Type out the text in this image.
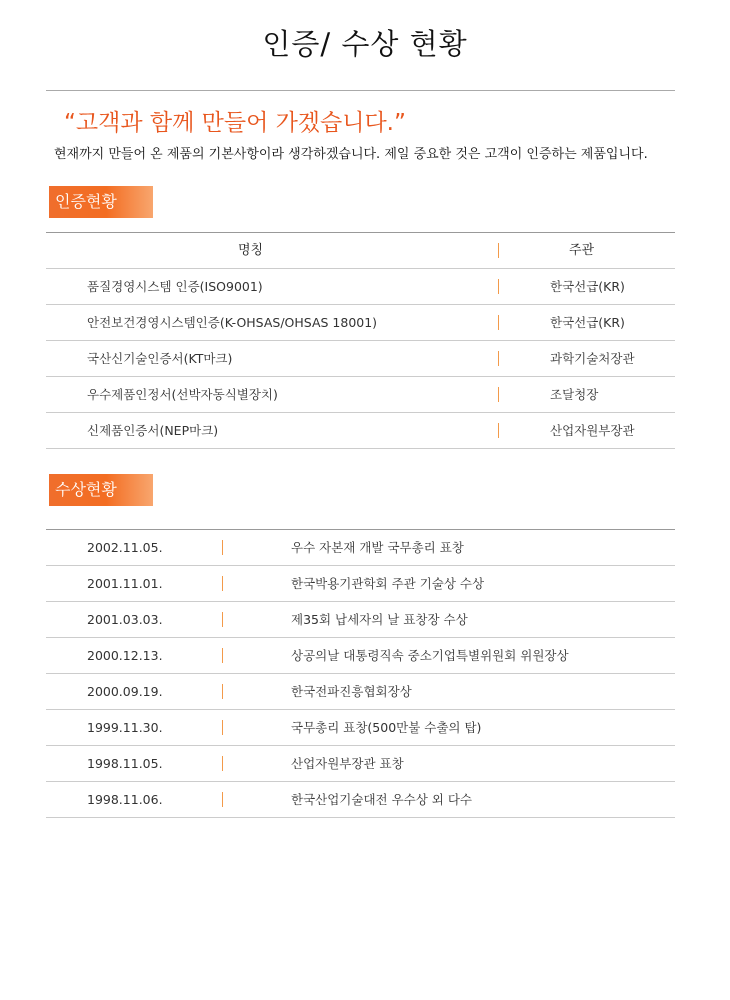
인증/ 수상 현황
“고객과 함께 만들어 가겠습니다.”
현재까지 만들어 온 제품의 기본사항이라 생각하겠습니다. 제일 중요한 것은 고객이 인증하는 제품입니다.
인증현황
명칭	주관
품질경영시스템 인증(ISO9001)	한국선급(KR)
안전보건경영시스템인증(K-OHSAS/OHSAS 18001)	한국선급(KR)
국산신기술인증서(KT마크)	과학기술처장관
우수제품인정서(선박자동식별장치)	조달청장
신제품인증서(NEP마크)	산업자원부장관
수상현황
2002.11.05.	우수 자본재 개발 국무총리 표창
2001.11.01.	한국박용기관학회 주관 기술상 수상
2001.03.03.	제35회 납세자의 날 표창장 수상
2000.12.13.	상공의날 대통령직속 중소기업특별위원회 위원장상
2000.09.19.	한국전파진흥협회장상
1999.11.30.	국무총리 표창(500만불 수출의 탑)
1998.11.05.	산업자원부장관 표창
1998.11.06.	한국산업기술대전 우수상 외 다수
